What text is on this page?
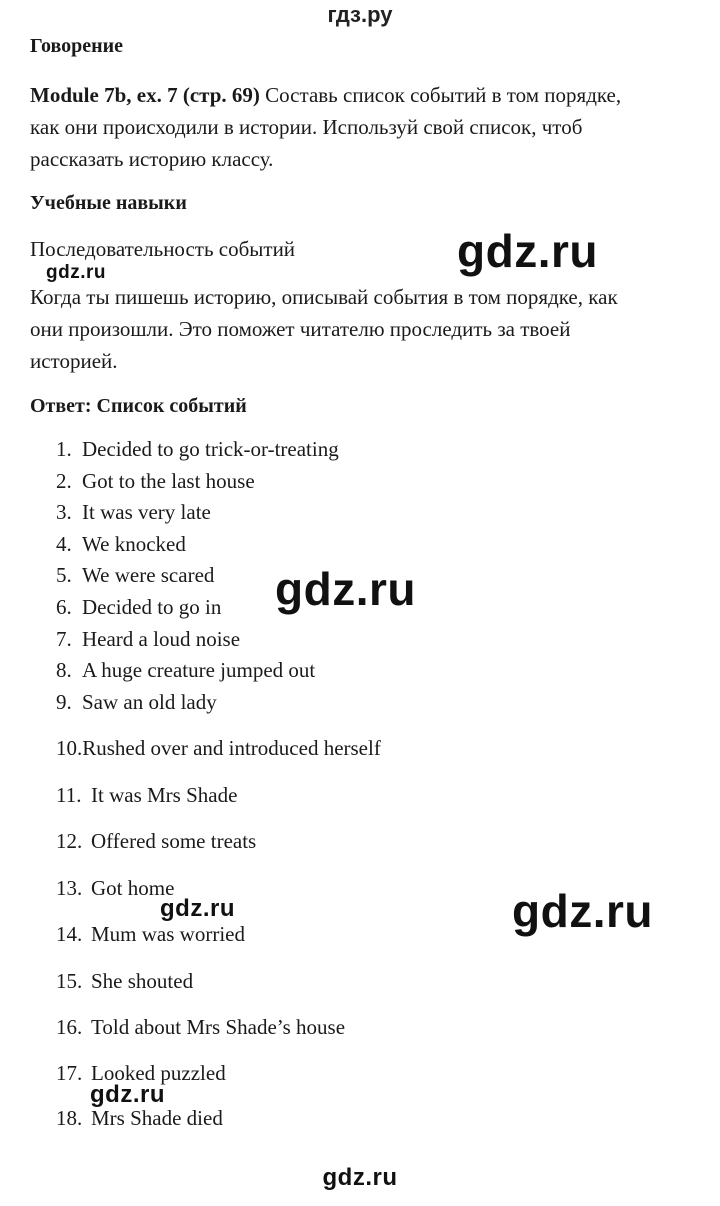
гдз.ру
Говорение
Module 7b, ex. 7 (стр. 69) Составь список событий в том порядке,
как они происходили в истории. Используй свой список, чтоб
рассказать историю классу.
Учебные навыки
Последовательность событий	gdz.ru
gdz.ru
Когда ты пишешь историю, описывай события в том порядке, как
они произошли. Это поможет читателю проследить за твоей
историей.
Ответ: Список событий
1. Decided to go trick-or-treating
2. Got to the last house
3. It was very late
4. We knocked
5. We were scared
6. Decided to go in
7. Heard a loud noise
8. A huge creature jumped out
9. Saw an old lady
gdz.ru
10.Rushed over and introduced herself
11. It was Mrs Shade
12. Offered some treats
13. Got home
14. Mum was worried
15. She shouted
16. Told about Mrs Shade’s house
17. Looked puzzled
18. Mrs Shade died
gdz.ru	gdz.ru
gdz.ru
gdz.ru
